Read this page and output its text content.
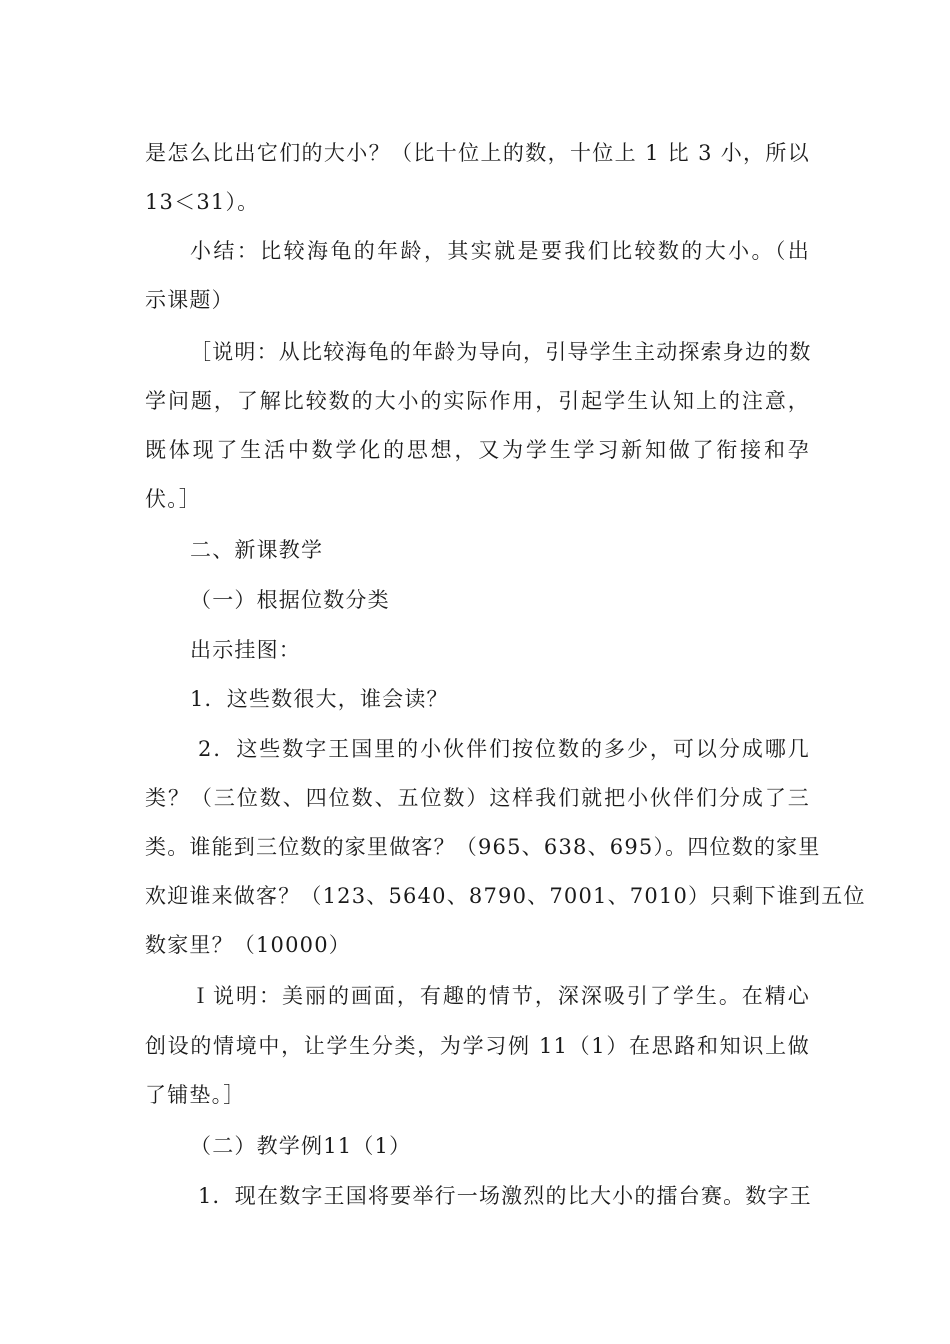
是怎么比出它们的大小？（比十位上的数，十位上 1 比 3 小，所以
13＜31）。
小结：比较海龟的年龄，其实就是要我们比较数的大小。（出
示课题）
［说明：从比较海龟的年龄为导向，引导学生主动探索身边的数
学问题，了解比较数的大小的实际作用，引起学生认知上的注意，
既体现了生活中数学化的思想，又为学生学习新知做了衔接和孕
伏。］
二、新课教学
（一）根据位数分类
出示挂图：
1．这些数很大，谁会读？
2．这些数字王国里的小伙伴们按位数的多少，可以分成哪几
类？（三位数、四位数、五位数）这样我们就把小伙伴们分成了三
类。谁能到三位数的家里做客？（965、638、695）。四位数的家里
欢迎谁来做客？（123、5640、8790、7001、7010）只剩下谁到五位
数家里？（10000）
Ｉ说明：美丽的画面，有趣的情节，深深吸引了学生。在精心
创设的情境中，让学生分类，为学习例 11（1）在思路和知识上做
了铺垫。］
（二）教学例11（1）
1．现在数字王国将要举行一场激烈的比大小的擂台赛。数字王
